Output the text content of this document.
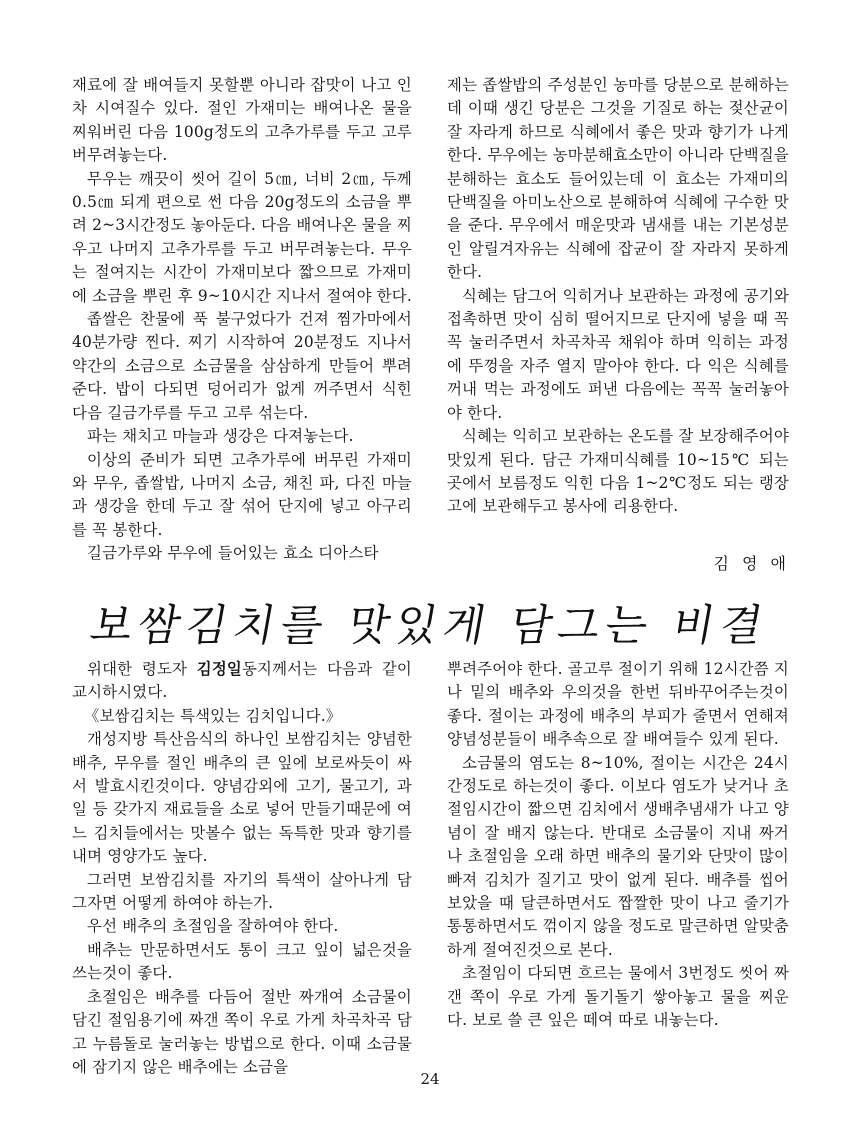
재료에 잘 배여들지 못할뿐 아니라 잡맛이 나고 인차 시여질수 있다. 절인 가재미는 배여나온 물을 찌워버린 다음 100g정도의 고추가루를 두고 고루 버무려놓는다.

무우는 깨끗이 씻어 길이 5㎝, 너비 2㎝, 두께 0.5㎝ 되게 편으로 썬 다음 20g정도의 소금을 뿌려 2~3시간정도 놓아둔다. 다음 배여나온 물을 찌우고 나머지 고추가루를 두고 버무려놓는다. 무우는 절여지는 시간이 가재미보다 짧으므로 가재미에 소금을 뿌린 후 9~10시간 지나서 절여야 한다.

좁쌀은 찬물에 푹 불구었다가 건져 찜가마에서 40분가량 찐다. 찌기 시작하여 20분정도 지나서 약간의 소금으로 소금물을 삼삼하게 만들어 뿌려준다. 밥이 다되면 덩어리가 없게 꺼주면서 식힌 다음 길금가루를 두고 고루 섞는다.

파는 채치고 마늘과 생강은 다져놓는다.

이상의 준비가 되면 고추가루에 버무린 가재미와 무우, 좁쌀밥, 나머지 소금, 채친 파, 다진 마늘과 생강을 한데 두고 잘 섞어 단지에 넣고 아구리를 꼭 봉한다.

길금가루와 무우에 들어있는 효소 디아스타

제는 좁쌀밥의 주성분인 농마를 당분으로 분해하는데 이때 생긴 당분은 그것을 기질로 하는 젖산균이 잘 자라게 하므로 식혜에서 좋은 맛과 향기가 나게 한다. 무우에는 농마분해효소만이 아니라 단백질을 분해하는 효소도 들어있는데 이 효소는 가재미의 단백질을 아미노산으로 분해하여 식혜에 구수한 맛을 준다. 무우에서 매운맛과 냄새를 내는 기본성분인 알릴겨자유는 식혜에 잡균이 잘 자라지 못하게 한다.

식혜는 담그어 익히거나 보관하는 과정에 공기와 접촉하면 맛이 심히 떨어지므로 단지에 넣을 때 꼭꼭 눌러주면서 차곡차곡 채워야 하며 익히는 과정에 뚜껑을 자주 열지 말아야 한다. 다 익은 식혜를 꺼내 먹는 과정에도 퍼낸 다음에는 꼭꼭 눌러놓아야 한다.

식혜는 익히고 보관하는 온도를 잘 보장해주어야 맛있게 된다. 담근 가재미식혜를 10~15℃ 되는 곳에서 보름정도 익힌 다음 1~2℃정도 되는 랭장고에 보관해두고 봉사에 리용한다.

김 영 애
보쌈김치를 맛있게 담그는 비결

위대한 령도자 김정일동지께서는 다음과 같이 교시하시였다.

《보쌈김치는 특색있는 김치입니다.》

개성지방 특산음식의 하나인 보쌈김치는 양념한 배추, 무우를 절인 배추의 큰 잎에 보로싸듯이 싸서 발효시킨것이다. 양념감외에 고기, 물고기, 과일 등 갖가지 재료들을 소로 넣어 만들기때문에 여느 김치들에서는 맛볼수 없는 독특한 맛과 향기를 내며 영양가도 높다.

그러면 보쌈김치를 자기의 특색이 살아나게 담그자면 어떻게 하여야 하는가.

우선 배추의 초절임을 잘하여야 한다.

배추는 만문하면서도 통이 크고 잎이 넓은것을 쓰는것이 좋다.

초절임은 배추를 다듬어 절반 짜개여 소금물이 담긴 절임용기에 짜갠 쪽이 우로 가게 차곡차곡 담고 누름돌로 눌러놓는 방법으로 한다. 이때 소금물에 잠기지 않은 배추에는 소금을

뿌려주어야 한다. 골고루 절이기 위해 12시간쯤 지나 밑의 배추와 우의것을 한번 뒤바꾸어주는것이 좋다. 절이는 과정에 배추의 부피가 줄면서 연해져 양념성분들이 배추속으로 잘 배여들수 있게 된다.

소금물의 염도는 8~10%, 절이는 시간은 24시간정도로 하는것이 좋다. 이보다 염도가 낮거나 초절임시간이 짧으면 김치에서 생배추냄새가 나고 양념이 잘 배지 않는다. 반대로 소금물이 지내 짜거나 초절임을 오래 하면 배추의 물기와 단맛이 많이 빠져 김치가 질기고 맛이 없게 된다. 배추를 씹어보았을 때 달큰하면서도 짭짤한 맛이 나고 줄기가 통통하면서도 꺾이지 않을 정도로 말큰하면 알맞춤하게 절여진것으로 본다.

초절임이 다되면 흐르는 물에서 3번정도 씻어 짜갠 쪽이 우로 가게 돌기돌기 쌓아놓고 물을 찌운다. 보로 쓸 큰 잎은 떼여 따로 내놓는다.

24
